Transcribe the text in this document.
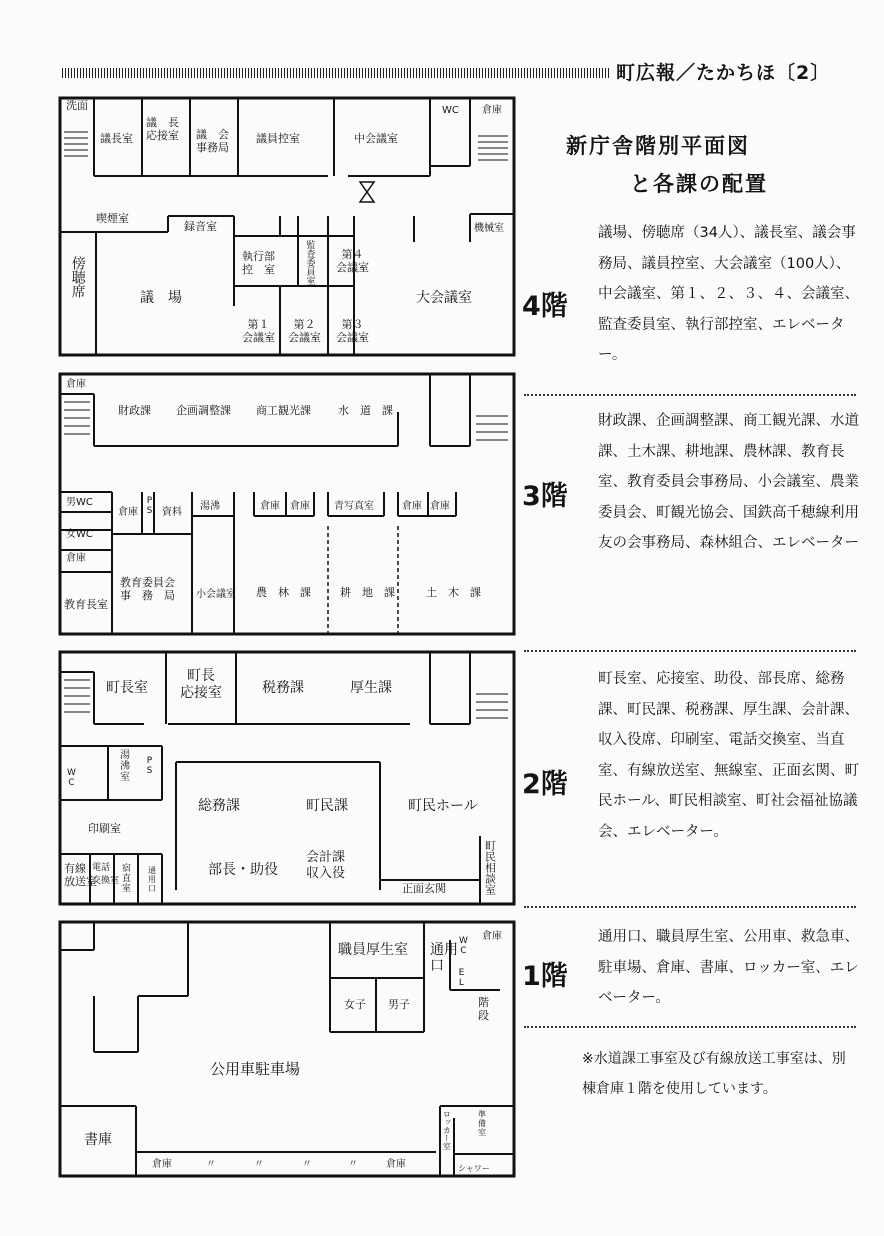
町広報／たかちほ〔2〕
洗面
議長室
議　長
応接室 議　会
事務局
議員控室	中会議室
WC 倉庫
喫煙室
録音室	機械室
傍聴席	執行部
控　室	監査委員室	第４
会議室
議　場	大会議室
第１
会議室
第２
会議室
第３
会議室
倉庫
財政課 企画調整課 商工観光課 水　道　課
男WC
女WC
倉庫
教育長室
倉庫 PS 資料
湯沸	倉庫 倉庫 青写真室	倉庫 倉庫
教育委員会
事　務　局 小会議室 農　林　課	耕　地　課	土　木　課
町長室
町長
応接室	税務課	厚生課
湯
沸
室
PS
WC
総務課	町民課	町民ホール
印刷室
有線
放送室
電話
交換室
宿
直
室
通
用
口
部長・助役
会計課
収入役
正面玄関	町民相談室
職員厚生室 通用
口
WC 倉庫
EL
女子 男子	階
段
公用車駐車場
書庫
倉庫	〃	〃	〃	〃	倉庫
ロッカー室	準
備
室
シャワー
新庁舎階別平面図
と各課の配置
4階
議場、傍聴席（34人）、議長室、議会事務局、議員控室、大会議室（100人）、中会議室、第１、２、３、４、会議室、監査委員室、執行部控室、エレベーター。
3階
財政課、企画調整課、商工観光課、水道課、土木課、耕地課、農林課、教育長室、教育委員会事務局、小会議室、農業委員会、町観光協会、国鉄高千穂線利用友の会事務局、森林組合、エレベーター
2階
町長室、応接室、助役、部長席、総務課、町民課、税務課、厚生課、会計課、収入役席、印刷室、電話交換室、当直室、有線放送室、無線室、正面玄関、町民ホール、町民相談室、町社会福祉協議会、エレベーター。
1階
通用口、職員厚生室、公用車、救急車、駐車場、倉庫、書庫、ロッカー室、エレベーター。
※水道課工事室及び有線放送工事室は、別棟倉庫１階を使用しています。
